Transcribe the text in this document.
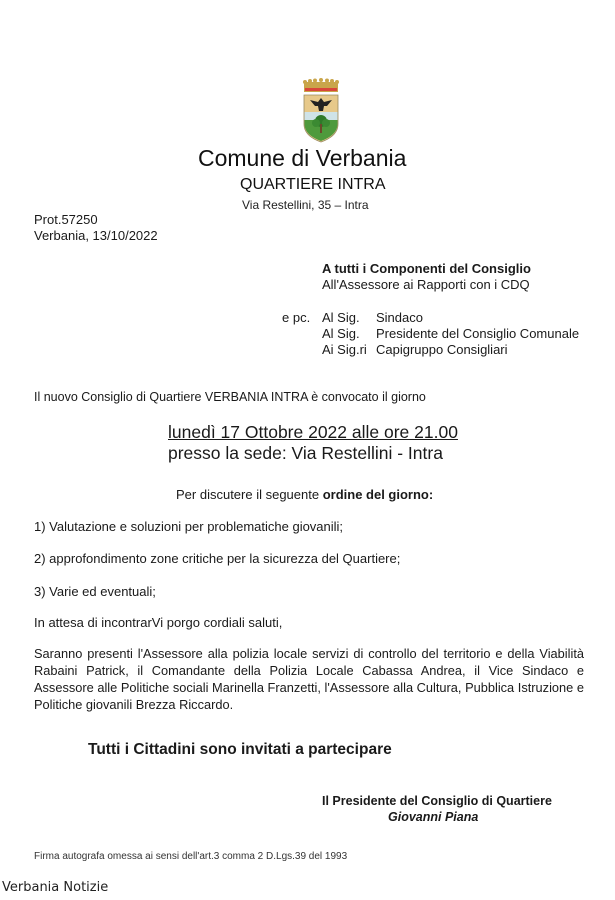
Comune di Verbania
QUARTIERE INTRA
Via Restellini, 35 – Intra
Prot.57250
Verbania, 13/10/2022
A tutti i Componenti del Consiglio
All'Assessore ai Rapporti con i CDQ
e pc. Al Sig. Sindaco
Al Sig. Presidente del Consiglio Comunale
Ai Sig.ri Capigruppo Consigliari
Il nuovo Consiglio di Quartiere VERBANIA INTRA è convocato il giorno
lunedì 17 Ottobre 2022 alle ore 21.00
presso la sede: Via Restellini - Intra
Per discutere il seguente ordine del giorno:
1) Valutazione e soluzioni per problematiche giovanili;
2) approfondimento zone critiche per la sicurezza del Quartiere;
3) Varie ed eventuali;
In attesa di incontrarVi porgo cordiali saluti,
Saranno presenti l'Assessore alla polizia locale servizi di controllo del territorio e della Viabilità Rabaini Patrick, il Comandante della Polizia Locale Cabassa Andrea, il Vice Sindaco e Assessore alle Politiche sociali Marinella Franzetti, l'Assessore alla Cultura, Pubblica Istruzione e Politiche giovanili Brezza Riccardo.
Tutti i Cittadini sono invitati a partecipare
Il Presidente del Consiglio di Quartiere
Giovanni Piana
Firma autografa omessa ai sensi dell'art.3 comma 2 D.Lgs.39 del 1993
Verbania Notizie
